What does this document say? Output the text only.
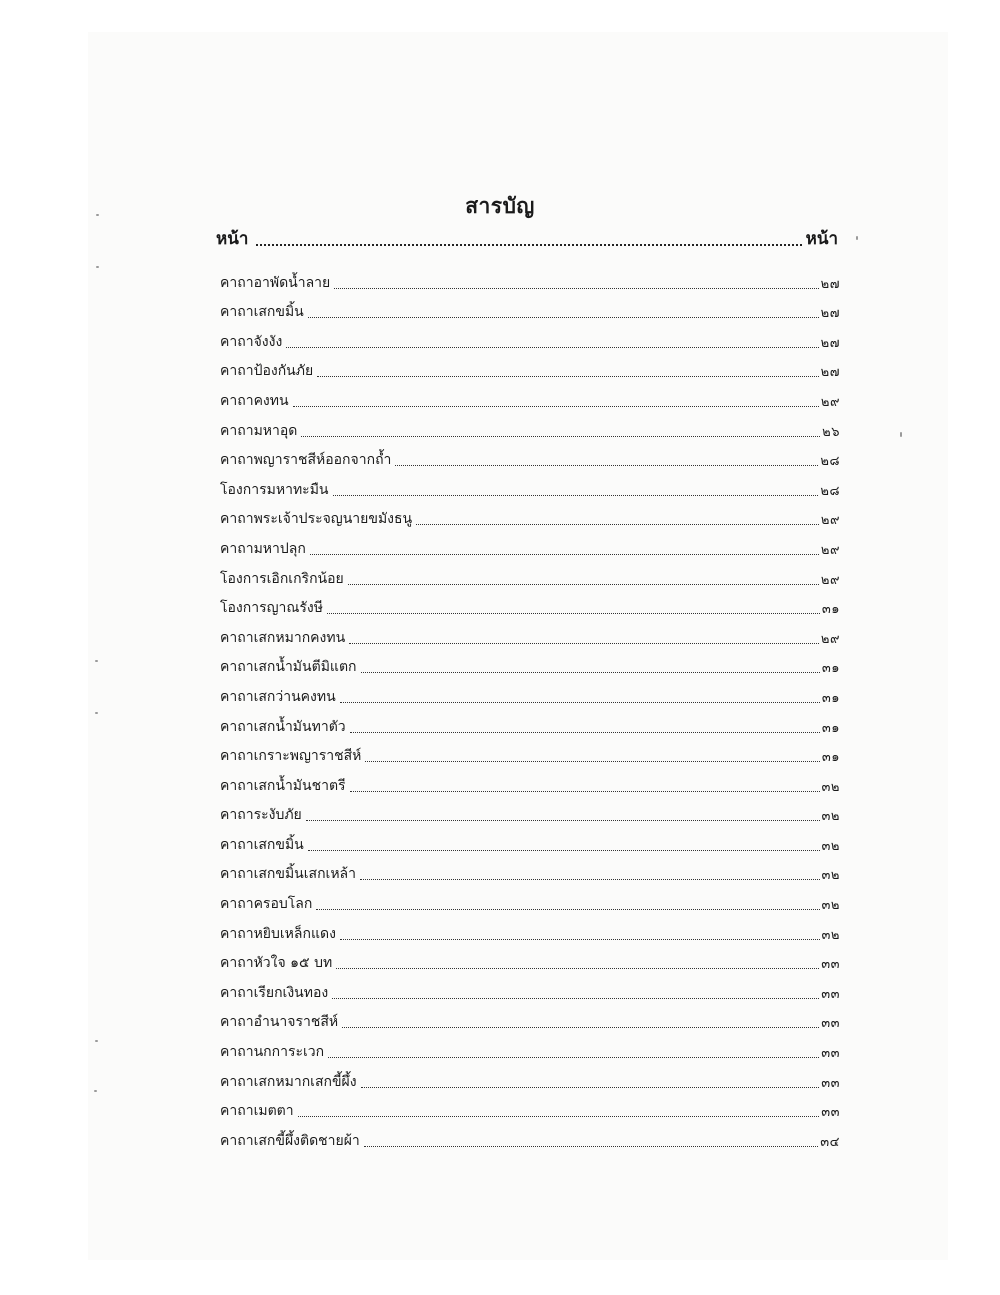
สารบัญ
หน้า	หน้า
คาถาอาพัดน้ำลาย	๒๗
คาถาเสกขมิ้น	๒๗
คาถาจังงัง	๒๗
คาถาป้องกันภัย	๒๗
คาถาคงทน	๒๙
คาถามหาอุด	๒๖
คาถาพญาราชสีห์ออกจากถ้ำ	๒๘
โองการมหาทะมืน	๒๘
คาถาพระเจ้าประจญนายขมังธนู	๒๙
คาถามหาปลุก	๒๙
โองการเอิกเกริกน้อย	๒๙
โองการญาณรังษี	๓๑
คาถาเสกหมากคงทน	๒๙
คาถาเสกน้ำมันตีมิแตก	๓๑
คาถาเสกว่านคงทน	๓๑
คาถาเสกน้ำมันทาตัว	๓๑
คาถาเกราะพญาราชสีห์	๓๑
คาถาเสกน้ำมันชาตรี	๓๒
คาถาระงับภัย	๓๒
คาถาเสกขมิ้น	๓๒
คาถาเสกขมิ้นเสกเหล้า	๓๒
คาถาครอบโลก	๓๒
คาถาหยิบเหล็กแดง	๓๒
คาถาหัวใจ ๑๕ บท	๓๓
คาถาเรียกเงินทอง	๓๓
คาถาอำนาจราชสีห์	๓๓
คาถานกการะเวก	๓๓
คาถาเสกหมากเสกขี้ผึ้ง	๓๓
คาถาเมตตา	๓๓
คาถาเสกขี้ผึ้งติดชายผ้า	๓๔
